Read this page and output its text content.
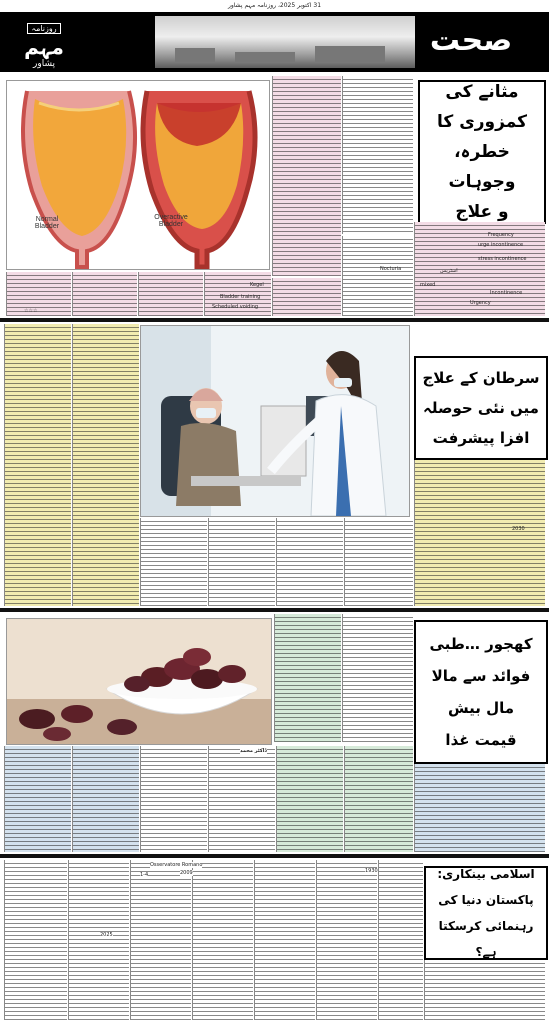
31 اکتوبر 2025، روزنامہ مہم پشاور
صحت
روزنامہ
مہم
پشاور
Normal
Bladder
Overactive
Bladder
مثانے کی
کمزوری کا
خطرہ، وجوہات
و علاج
Frequency
Urgency
Nocturia
urge incontinence
stress incontinence
mixed
Incontinence
Kegel
Bladder training
Scheduled voiding
اسٹریس
☆☆☆
سرطان کے علاج
میں نئی حوصلہ
افزا پیشرفت
2030
کھجور …طبی
فوائد سے مالا
مال بیش
قیمت غذا
ڈاکٹر محمد
اسلامی بینکاری:
پاکستان دنیا کی
رہنمائی کرسکتا ہے؟
Osservatore Romano
2025
1930
2009
1-4
